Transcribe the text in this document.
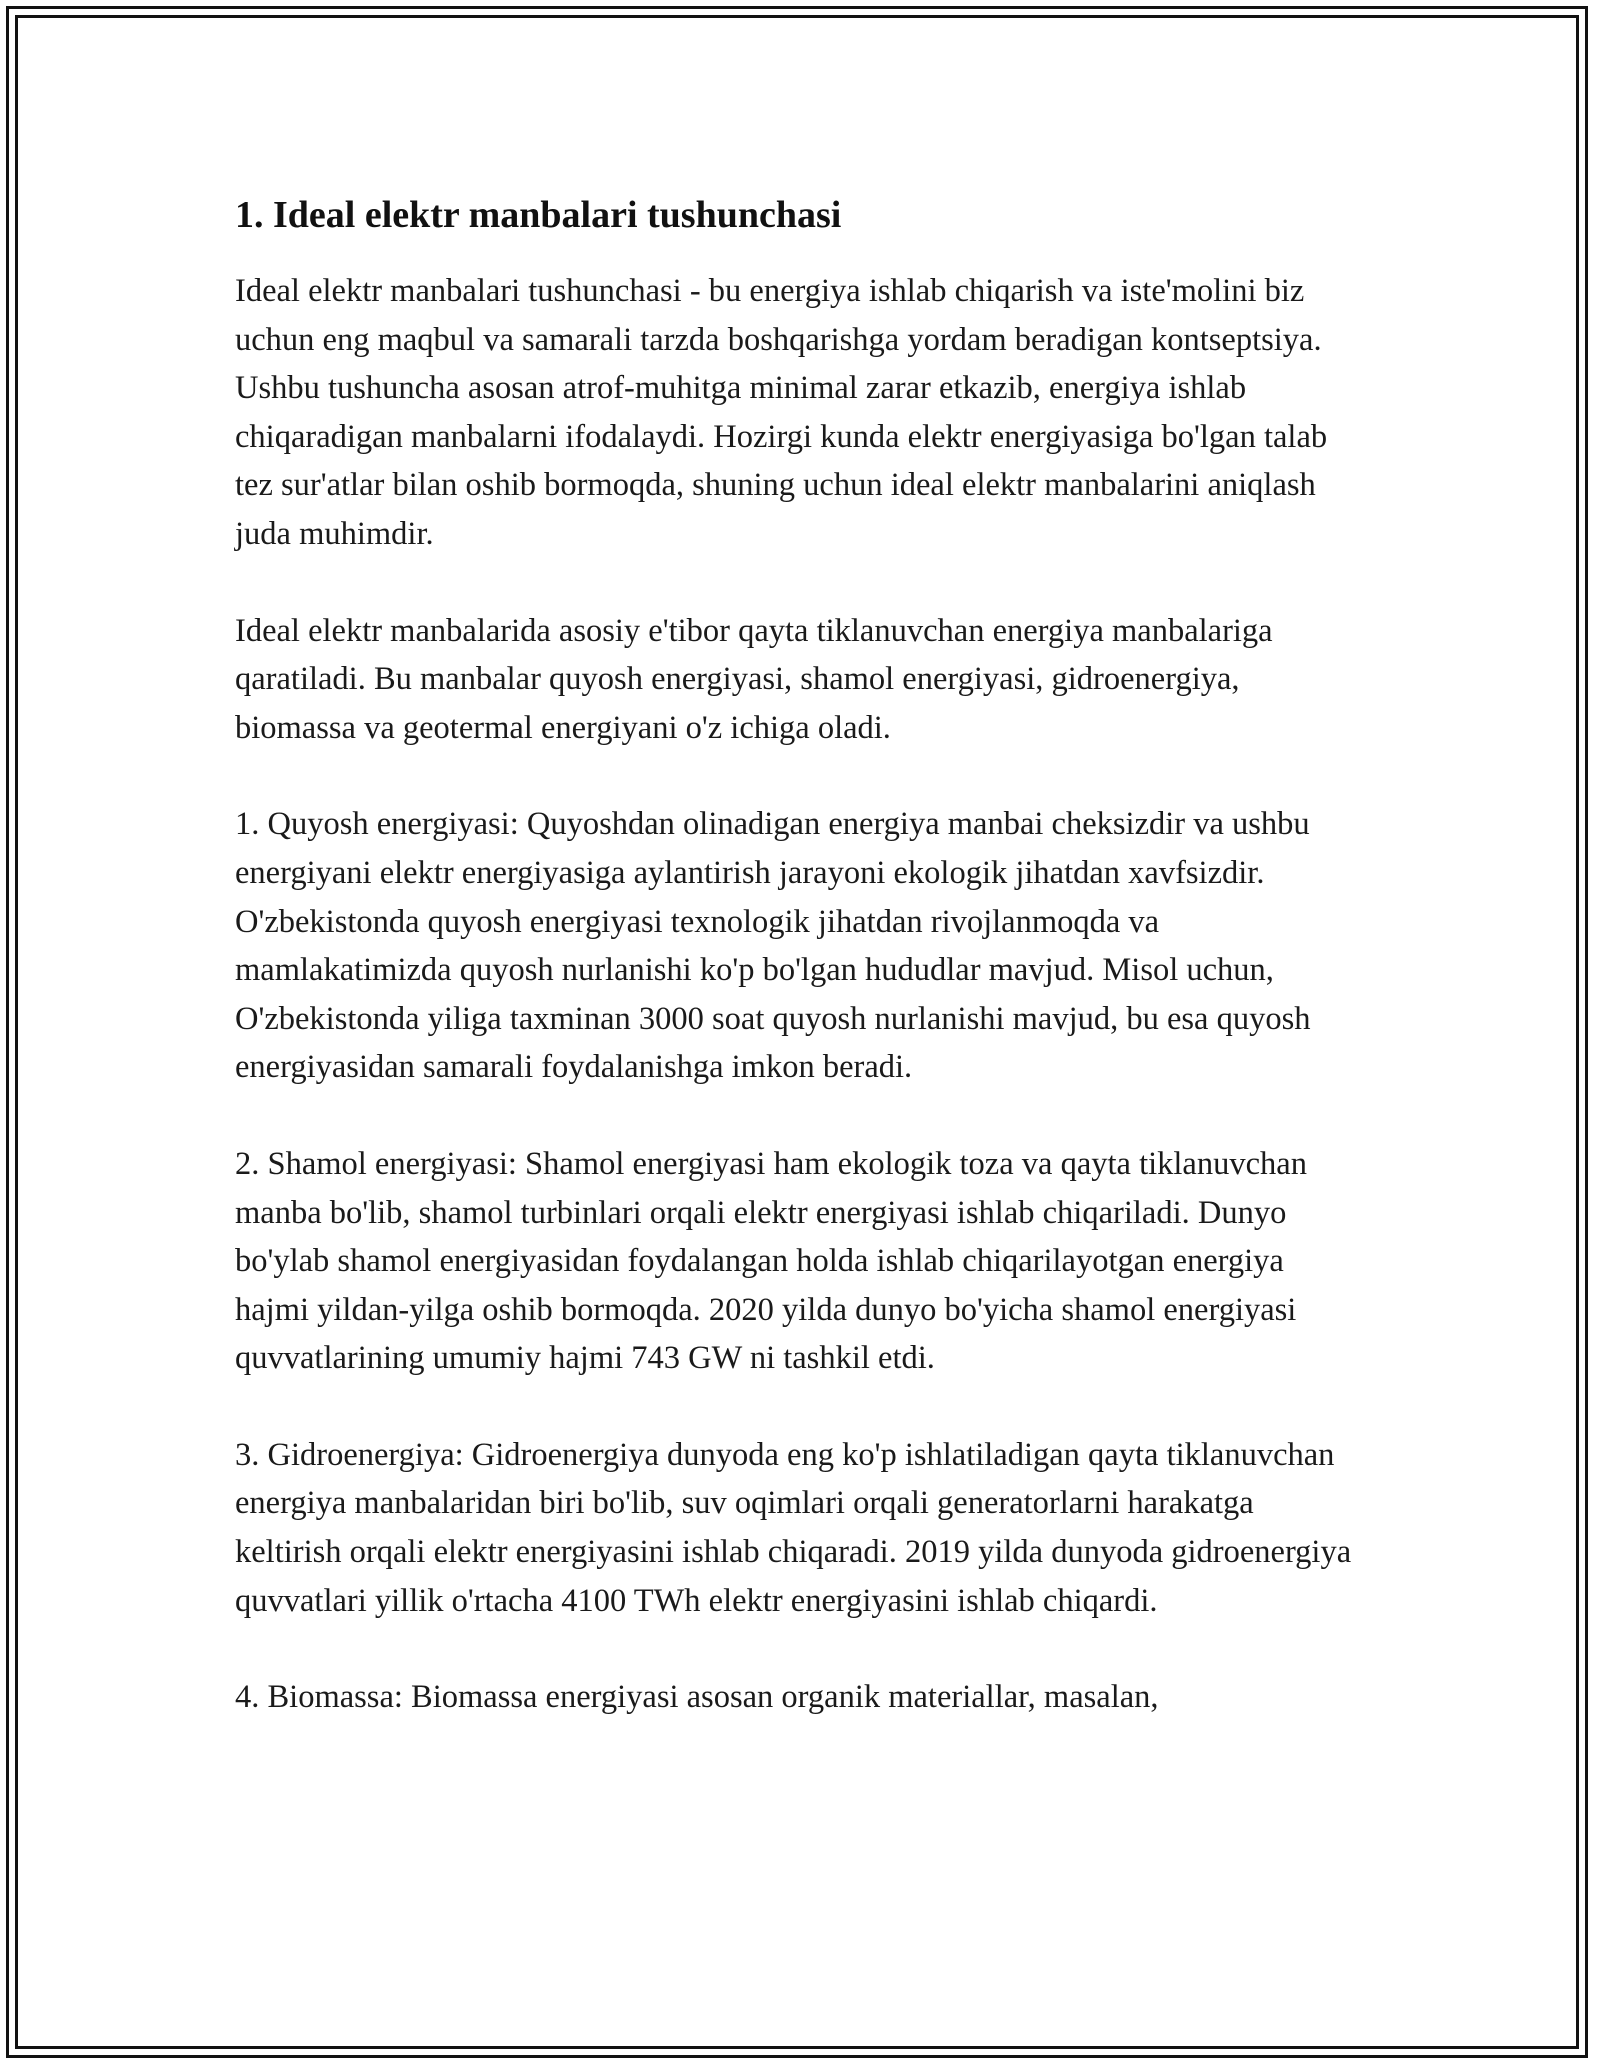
1. Ideal elektr manbalari tushunchasi

Ideal elektr manbalari tushunchasi - bu energiya ishlab chiqarish va iste'molini biz uchun eng maqbul va samarali tarzda boshqarishga yordam beradigan kontseptsiya. Ushbu tushuncha asosan atrof-muhitga minimal zarar etkazib, energiya ishlab chiqaradigan manbalarni ifodalaydi. Hozirgi kunda elektr energiyasiga bo'lgan talab tez sur'atlar bilan oshib bormoqda, shuning uchun ideal elektr manbalarini aniqlash juda muhimdir.

Ideal elektr manbalarida asosiy e'tibor qayta tiklanuvchan energiya manbalariga qaratiladi. Bu manbalar quyosh energiyasi, shamol energiyasi, gidroenergiya, biomassa va geotermal energiyani o'z ichiga oladi.

1. Quyosh energiyasi: Quyoshdan olinadigan energiya manbai cheksizdir va ushbu energiyani elektr energiyasiga aylantirish jarayoni ekologik jihatdan xavfsizdir. O'zbekistonda quyosh energiyasi texnologik jihatdan rivojlanmoqda va mamlakatimizda quyosh nurlanishi ko'p bo'lgan hududlar mavjud. Misol uchun, O'zbekistonda yiliga taxminan 3000 soat quyosh nurlanishi mavjud, bu esa quyosh energiyasidan samarali foydalanishga imkon beradi.

2. Shamol energiyasi: Shamol energiyasi ham ekologik toza va qayta tiklanuvchan manba bo'lib, shamol turbinlari orqali elektr energiyasi ishlab chiqariladi. Dunyo bo'ylab shamol energiyasidan foydalangan holda ishlab chiqarilayotgan energiya hajmi yildan-yilga oshib bormoqda. 2020 yilda dunyo bo'yicha shamol energiyasi quvvatlarining umumiy hajmi 743 GW ni tashkil etdi.

3. Gidroenergiya: Gidroenergiya dunyoda eng ko'p ishlatiladigan qayta tiklanuvchan energiya manbalaridan biri bo'lib, suv oqimlari orqali generatorlarni harakatga keltirish orqali elektr energiyasini ishlab chiqaradi. 2019 yilda dunyoda gidroenergiya quvvatlari yillik o'rtacha 4100 TWh elektr energiyasini ishlab chiqardi.

4. Biomassa: Biomassa energiyasi asosan organik materiallar, masalan,
